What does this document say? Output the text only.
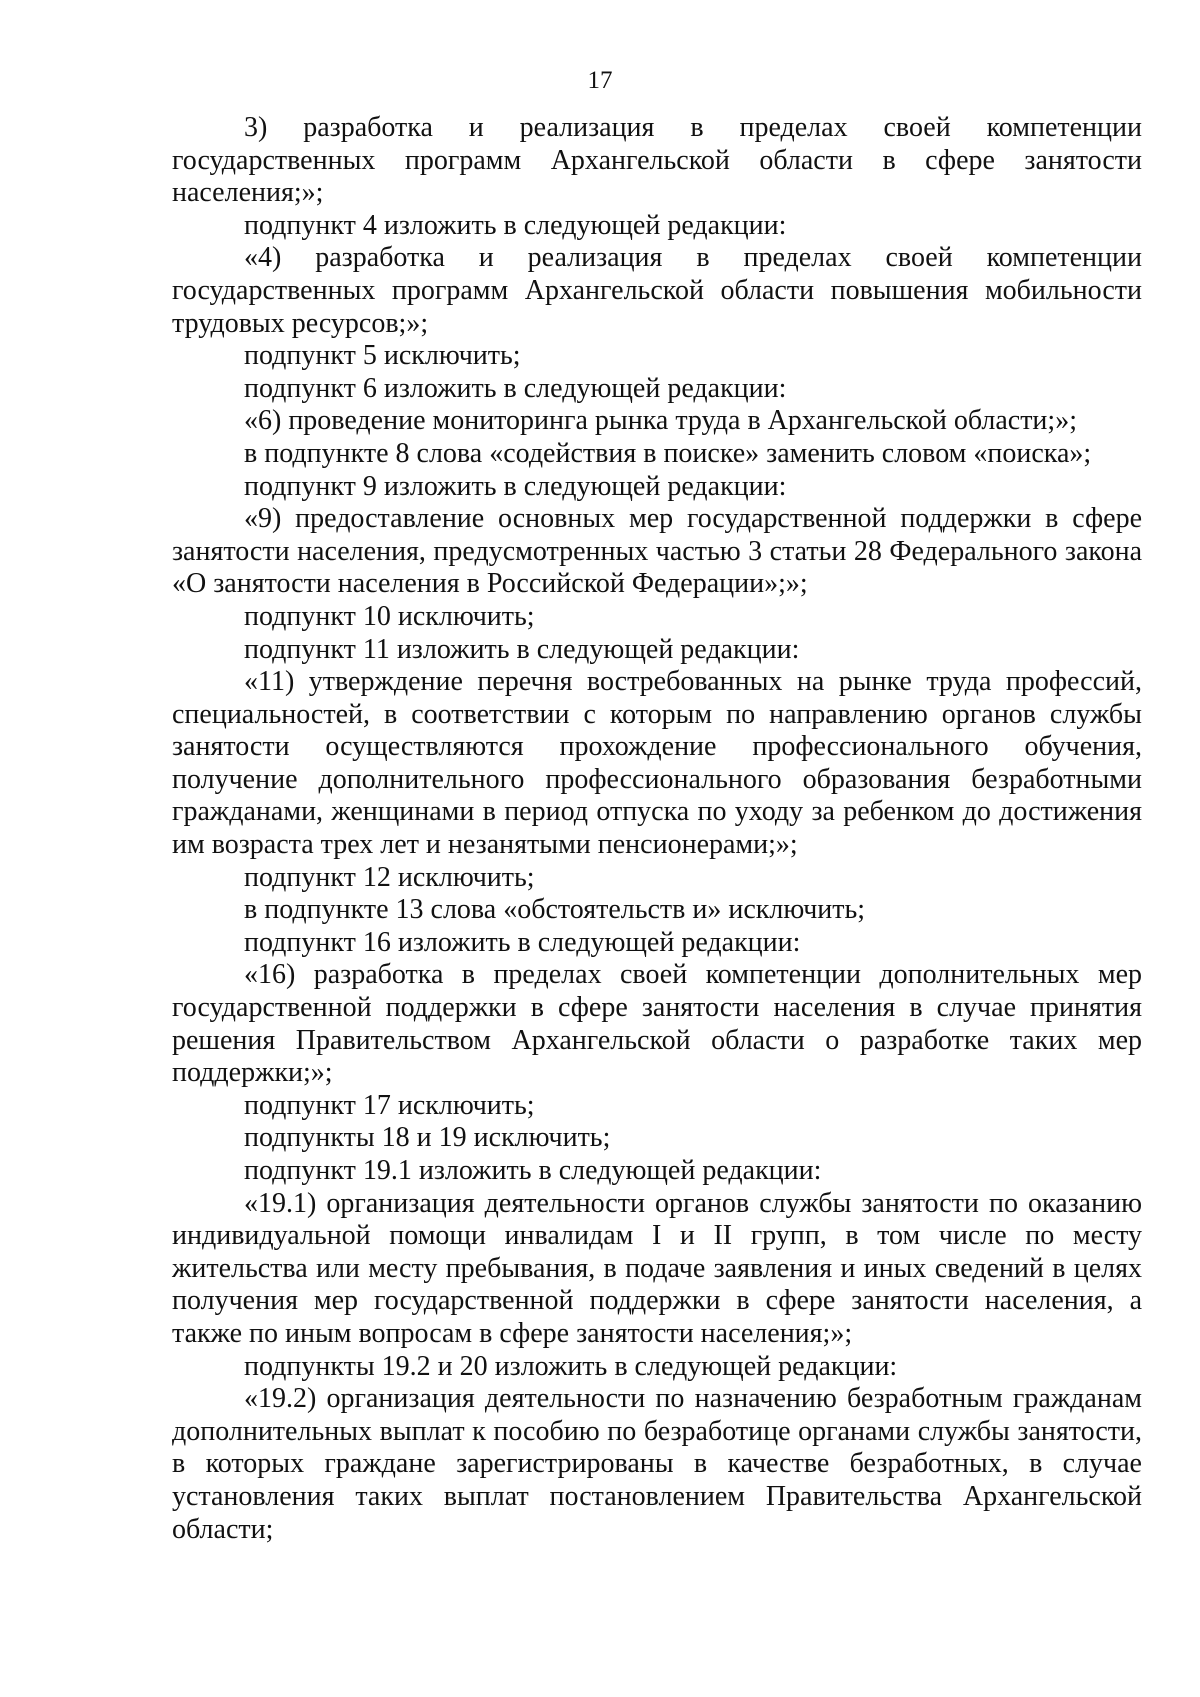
17

3) разработка и реализация в пределах своей компетенции государственных программ Архангельской области в сфере занятости населения;»;

подпункт 4 изложить в следующей редакции:

«4) разработка и реализация в пределах своей компетенции государственных программ Архангельской области повышения мобильности трудовых ресурсов;»;

подпункт 5 исключить;

подпункт 6 изложить в следующей редакции:

«6) проведение мониторинга рынка труда в Архангельской области;»;

в подпункте 8 слова «содействия в поиске» заменить словом «поиска»;

подпункт 9 изложить в следующей редакции:

«9) предоставление основных мер государственной поддержки в сфере занятости населения, предусмотренных частью 3 статьи 28 Федерального закона «О занятости населения в Российской Федерации»;»;

подпункт 10 исключить;

подпункт 11 изложить в следующей редакции:

«11) утверждение перечня востребованных на рынке труда профессий, специальностей, в соответствии с которым по направлению органов службы занятости осуществляются прохождение профессионального обучения, получение дополнительного профессионального образования безработными гражданами, женщинами в период отпуска по уходу за ребенком до достижения им возраста трех лет и незанятыми пенсионерами;»;

подпункт 12 исключить;

в подпункте 13 слова «обстоятельств и» исключить;

подпункт 16 изложить в следующей редакции:

«16) разработка в пределах своей компетенции дополнительных мер государственной поддержки в сфере занятости населения в случае принятия решения Правительством Архангельской области о разработке таких мер поддержки;»;

подпункт 17 исключить;

подпункты 18 и 19 исключить;

подпункт 19.1 изложить в следующей редакции:

«19.1) организация деятельности органов службы занятости по оказанию индивидуальной помощи инвалидам I и II групп, в том числе по месту жительства или месту пребывания, в подаче заявления и иных сведений в целях получения мер государственной поддержки в сфере занятости населения, а также по иным вопросам в сфере занятости населения;»;

подпункты 19.2 и 20 изложить в следующей редакции:

«19.2) организация деятельности по назначению безработным гражданам дополнительных выплат к пособию по безработице органами службы занятости, в которых граждане зарегистрированы в качестве безработных, в случае установления таких выплат постановлением Правительства Архангельской области;
